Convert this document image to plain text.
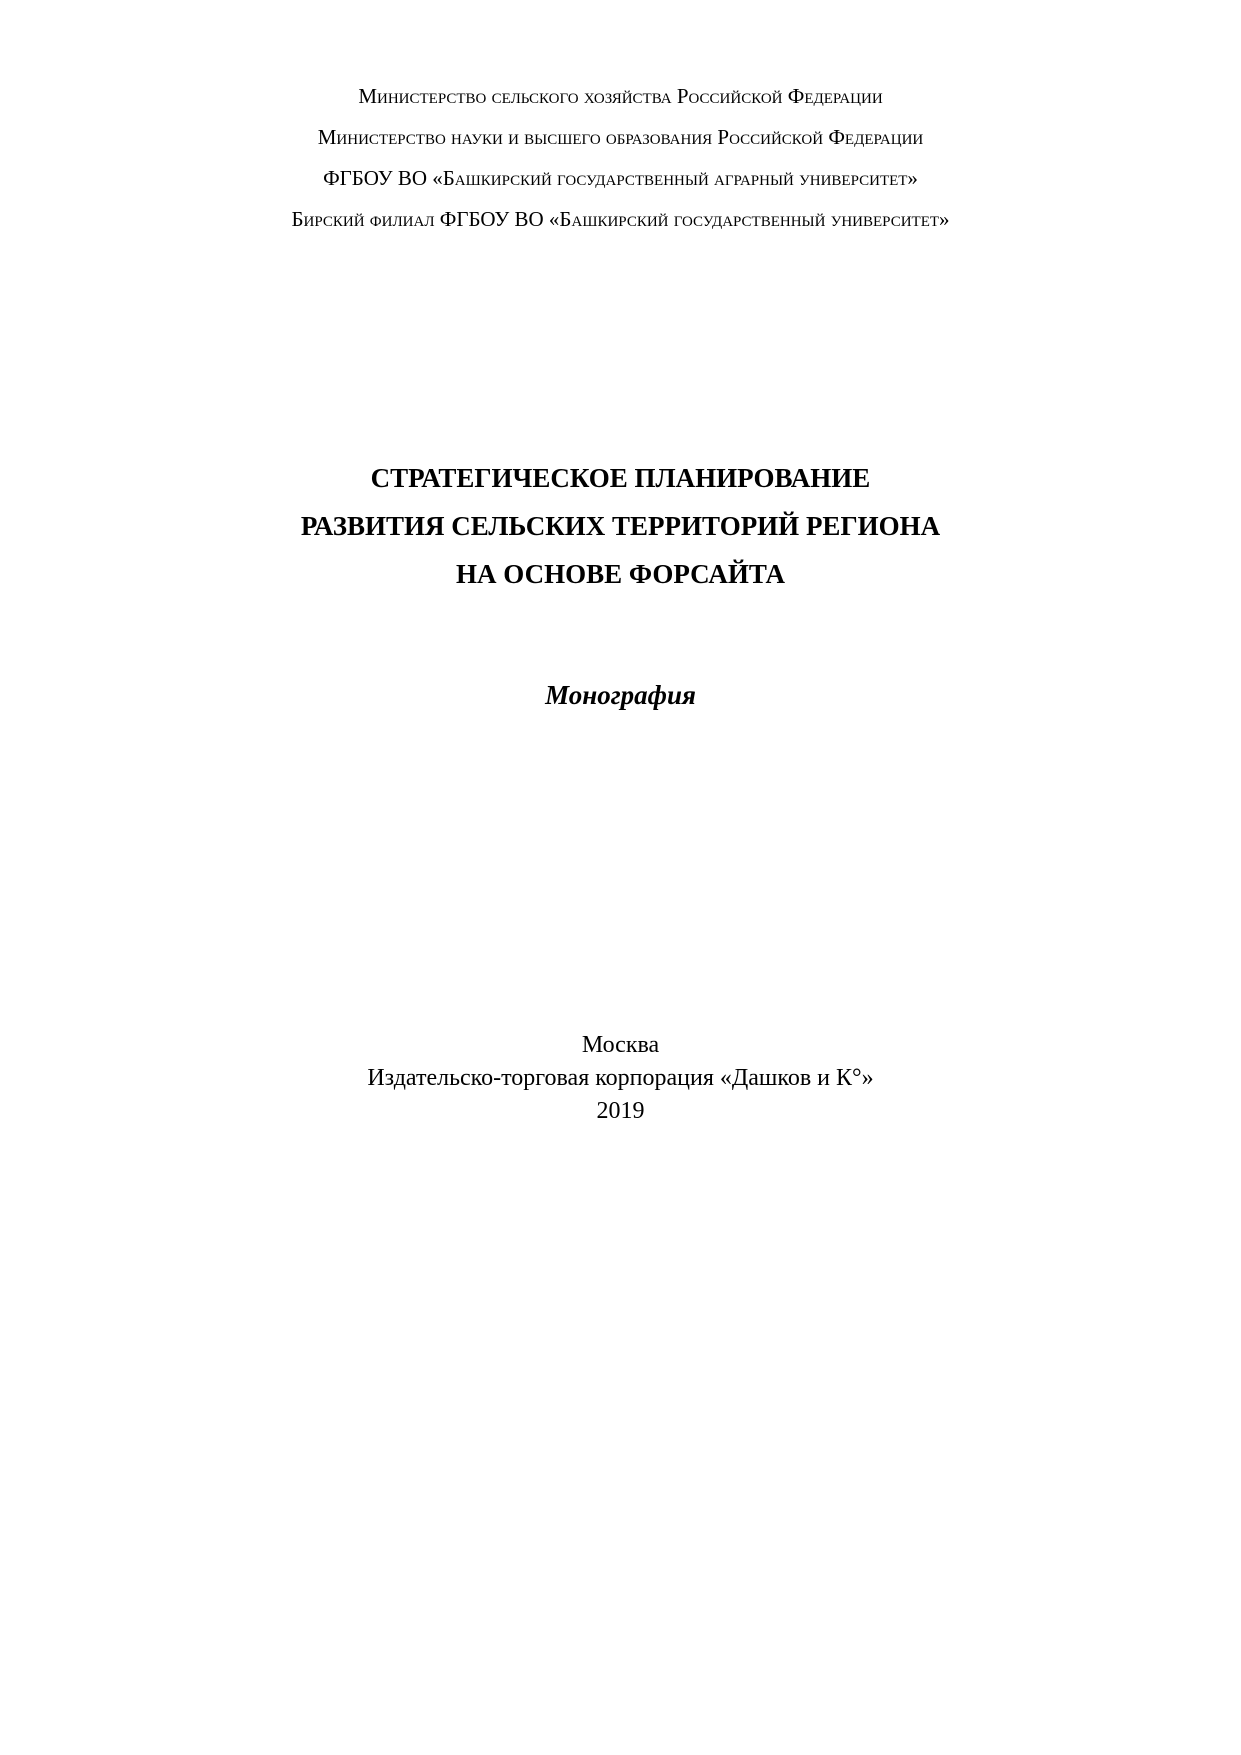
Министерство сельского хозяйства Российской Федерации
Министерство науки и высшего образования Российской Федерации
ФГБОУ ВО «Башкирский государственный аграрный университет»
Бирский филиал ФГБОУ ВО «Башкирский государственный университет»
СТРАТЕГИЧЕСКОЕ ПЛАНИРОВАНИЕ
РАЗВИТИЯ СЕЛЬСКИХ ТЕРРИТОРИЙ РЕГИОНА
НА ОСНОВЕ ФОРСАЙТА
Монография
Москва
Издательско-торговая корпорация «Дашков и К°»
2019
